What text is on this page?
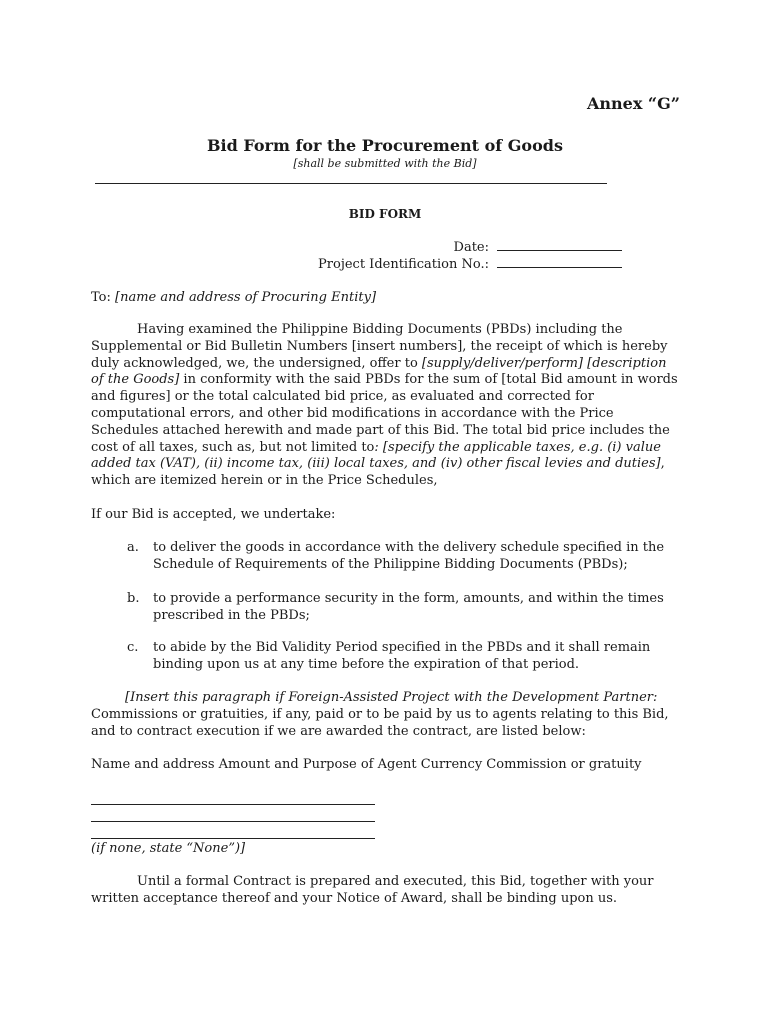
Annex “G”
Bid Form for the Procurement of Goods
[shall be submitted with the Bid]
BID FORM
Date:
Project Identification No.:
To: [name and address of Procuring Entity]
Having examined the Philippine Bidding Documents (PBDs) including the Supplemental or Bid Bulletin Numbers [insert numbers], the receipt of which is hereby duly acknowledged, we, the undersigned, offer to [supply/deliver/perform] [description of the Goods] in conformity with the said PBDs for the sum of [total Bid amount in words and figures] or the total calculated bid price, as evaluated and corrected for computational errors, and other bid modifications in accordance with the Price Schedules attached herewith and made part of this Bid. The total bid price includes the cost of all taxes, such as, but not limited to: [specify the applicable taxes, e.g. (i) value added tax (VAT), (ii) income tax, (iii) local taxes, and (iv) other fiscal levies and duties], which are itemized herein or in the Price Schedules,
If our Bid is accepted, we undertake:
a. to deliver the goods in accordance with the delivery schedule specified in the Schedule of Requirements of the Philippine Bidding Documents (PBDs);
b. to provide a performance security in the form, amounts, and within the times prescribed in the PBDs;
c. to abide by the Bid Validity Period specified in the PBDs and it shall remain binding upon us at any time before the expiration of that period.
[Insert this paragraph if Foreign-Assisted Project with the Development Partner: Commissions or gratuities, if any, paid or to be paid by us to agents relating to this Bid, and to contract execution if we are awarded the contract, are listed below:
Name and address Amount and Purpose of Agent Currency Commission or gratuity
(if none, state “None”)]
Until a formal Contract is prepared and executed, this Bid, together with your written acceptance thereof and your Notice of Award, shall be binding upon us.
